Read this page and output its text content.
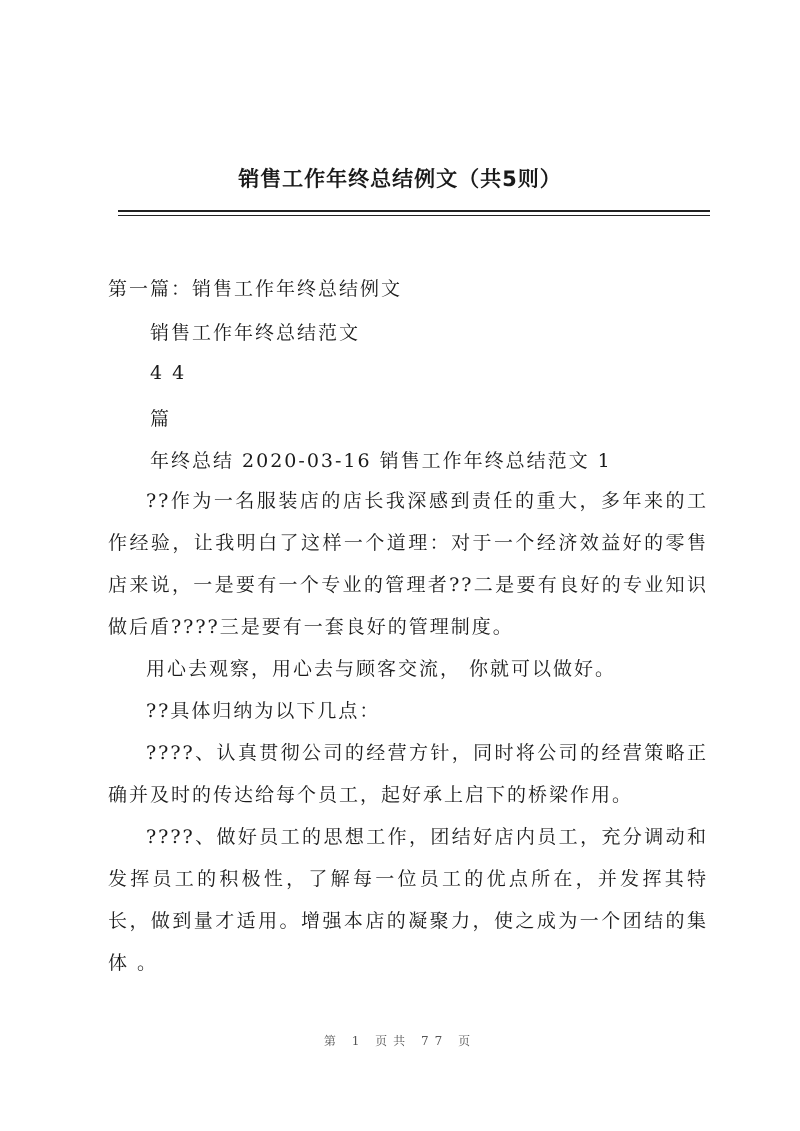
销售工作年终总结例文（共5则）
第一篇：销售工作年终总结例文
销售工作年终总结范文
4 4
篇
年终总结 2020-03-16 销售工作年终总结范文 1
??作为一名服装店的店长我深感到责任的重大，多年来的工作经验，让我明白了这样一个道理：对于一个经济效益好的零售店来说，一是要有一个专业的管理者??二是要有良好的专业知识做后盾????三是要有一套良好的管理制度。
用心去观察，用心去与顾客交流， 你就可以做好。
??具体归纳为以下几点：
????、认真贯彻公司的经营方针，同时将公司的经营策略正确并及时的传达给每个员工，起好承上启下的桥梁作用。
????、做好员工的思想工作，团结好店内员工，充分调动和发挥员工的积极性，了解每一位员工的优点所在，并发挥其特长，做到量才适用。增强本店的凝聚力，使之成为一个团结的集体 。
第 1 页共 77 页
